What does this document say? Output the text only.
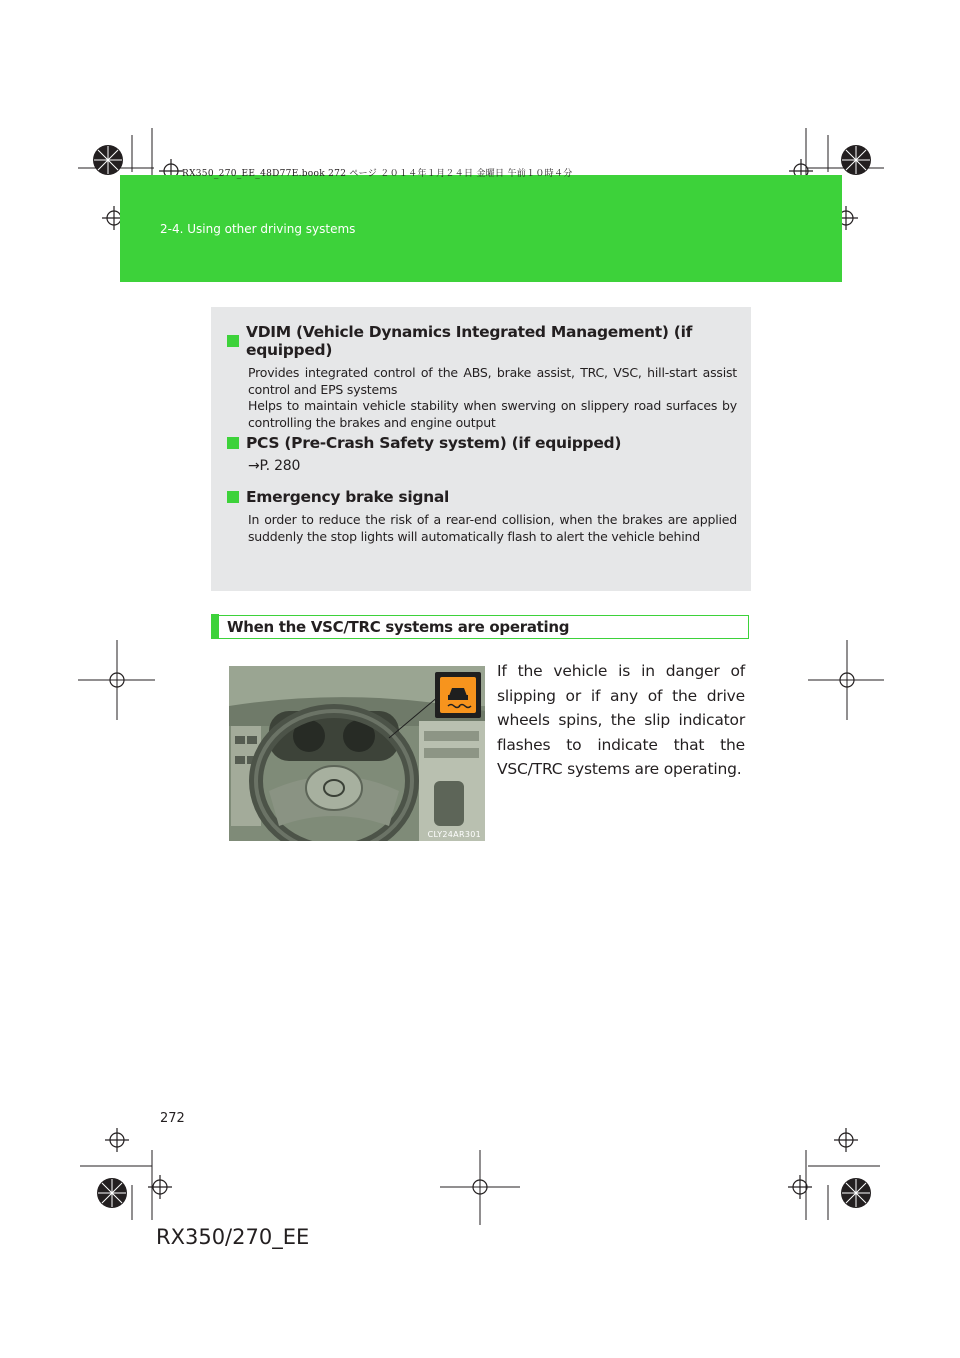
RX350_270_EE_48D77E.book 272 ページ ２０１４年１月２４日 金曜日 午前１０時４分
2-4. Using other driving systems
VDIM (Vehicle Dynamics Integrated Management) (if equipped)

Provides integrated control of the ABS, brake assist, TRC, VSC, hill-start assist control and EPS systems

Helps to maintain vehicle stability when swerving on slippery road surfaces by controlling the brakes and engine output

PCS (Pre-Crash Safety system) (if equipped)

→P. 280

Emergency brake signal

In order to reduce the risk of a rear-end collision, when the brakes are applied suddenly the stop lights will automatically flash to alert the vehicle behind

When the VSC/TRC systems are operating
CLY24AR301
If the vehicle is in danger of slipping or if any of the drive wheels spins, the slip indicator flashes to indicate that the VSC/TRC systems are operating.
272
RX350/270_EE
